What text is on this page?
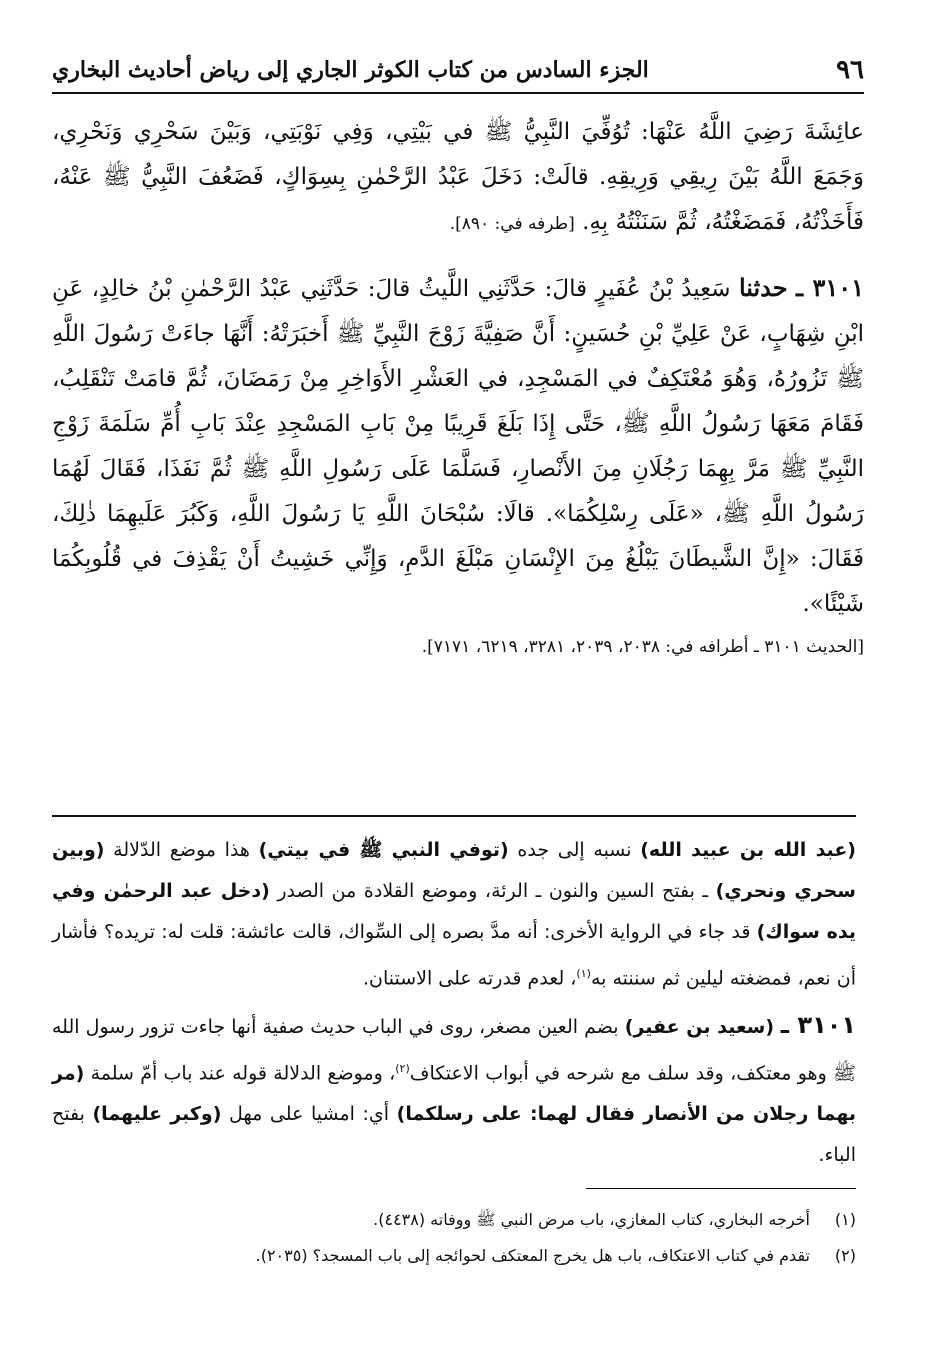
٩٦
الجزء السادس من كتاب الكوثر الجاري إلى رياض أحاديث البخاري

عائِشَةَ رَضِيَ اللَّهُ عَنْهَا: تُوُفِّيَ النَّبِيُّ ﷺ في بَيْتِي، وَفِي نَوْبَتِي، وَبَيْنَ سَحْرِي وَنَحْرِي، وَجَمَعَ اللَّهُ بَيْنَ رِيقِي وَرِيقِهِ. قالَتْ: دَخَلَ عَبْدُ الرَّحْمٰنِ بِسِوَاكٍ، فَضَعُفَ النَّبِيُّ ﷺ عَنْهُ، فَأَخَذْتُهُ، فَمَضَغْتُهُ، ثُمَّ سَنَنْتُهُ بِهِ. [طرفه في: ٨٩٠].

٣١٠١ ـ حدثنا سَعِيدُ بْنُ عُفَيرٍ قالَ: حَدَّثَنِي اللَّيثُ قالَ: حَدَّثَنِي عَبْدُ الرَّحْمٰنِ بْنُ خالِدٍ، عَنِ ابْنِ شِهَابٍ، عَنْ عَلِيِّ بْنِ حُسَينٍ: أَنَّ صَفِيَّةَ زَوْجَ النَّبِيِّ ﷺ أَخبَرَتْهُ: أَنَّهَا جاءَتْ رَسُولَ اللَّهِ ﷺ تَزُورُهُ، وَهُوَ مُعْتَكِفٌ في المَسْجِدِ، في العَشْرِ الأَوَاخِرِ مِنْ رَمَضَانَ، ثُمَّ قامَتْ تَنْقَلِبُ، فَقَامَ مَعَهَا رَسُولُ اللَّهِ ﷺ، حَتَّى إِذَا بَلَغَ قَرِيبًا مِنْ بَابِ المَسْجِدِ عِنْدَ بَابِ أُمِّ سَلَمَةَ زَوْجِ النَّبِيِّ ﷺ مَرَّ بِهِمَا رَجُلَانِ مِنَ الأَنْصارِ، فَسَلَّمَا عَلَى رَسُولِ اللَّهِ ﷺ ثُمَّ نَفَذَا، فَقَالَ لَهُمَا رَسُولُ اللَّهِ ﷺ، «عَلَى رِسْلِكُمَا». قالَا: سُبْحَانَ اللَّهِ يَا رَسُولَ اللَّهِ، وَكَبُرَ عَلَيهِمَا ذٰلِكَ، فَقَالَ: «إِنَّ الشَّيطَانَ يَبْلُغُ مِنَ الإِنْسَانِ مَبْلَغَ الدَّمِ، وَإِنِّي خَشِيتُ أَنْ يَقْذِفَ في قُلُوبِكُمَا شَيْئًا».

[الحديث ٣١٠١ ـ أطرافه في: ٢٠٣٨، ٢٠٣٩، ٣٢٨١، ٦٢١٩، ٧١٧١].

(عبد الله بن عبيد الله) نسبه إلى جده (توفي النبي ﷺ في بيتي) هذا موضع الدّلالة (وبين سحري ونحري) ـ بفتح السين والنون ـ الرئة، وموضع القلادة من الصدر (دخل عبد الرحمٰن وفي يده سواك) قد جاء في الرواية الأخرى: أنه مدَّ بصره إلى السِّواك، قالت عائشة: قلت له: تريده؟ فأشار أن نعم، فمضغته ليلين ثم سننته به$^{(١)}$، لعدم قدرته على الاستنان.

٣١٠١ ـ (سعيد بن عفير) بضم العين مصغر، روى في الباب حديث صفية أنها جاءت تزور رسول الله ﷺ وهو معتكف، وقد سلف مع شرحه في أبواب الاعتكاف$^{(٢)}$، وموضع الدلالة قوله عند باب أمّ سلمة (مر بهما رجلان من الأنصار فقال لهما: على رسلكما) أي: امشيا على مهل (وكبر عليهما) بفتح الباء.

(١)
أخرجه البخاري، كتاب المغازي، باب مرض النبي ﷺ ووفاته (٤٤٣٨).
(٢)
تقدم في كتاب الاعتكاف، باب هل يخرج المعتكف لحوائجه إلى باب المسجد؟ (٢٠٣٥).
